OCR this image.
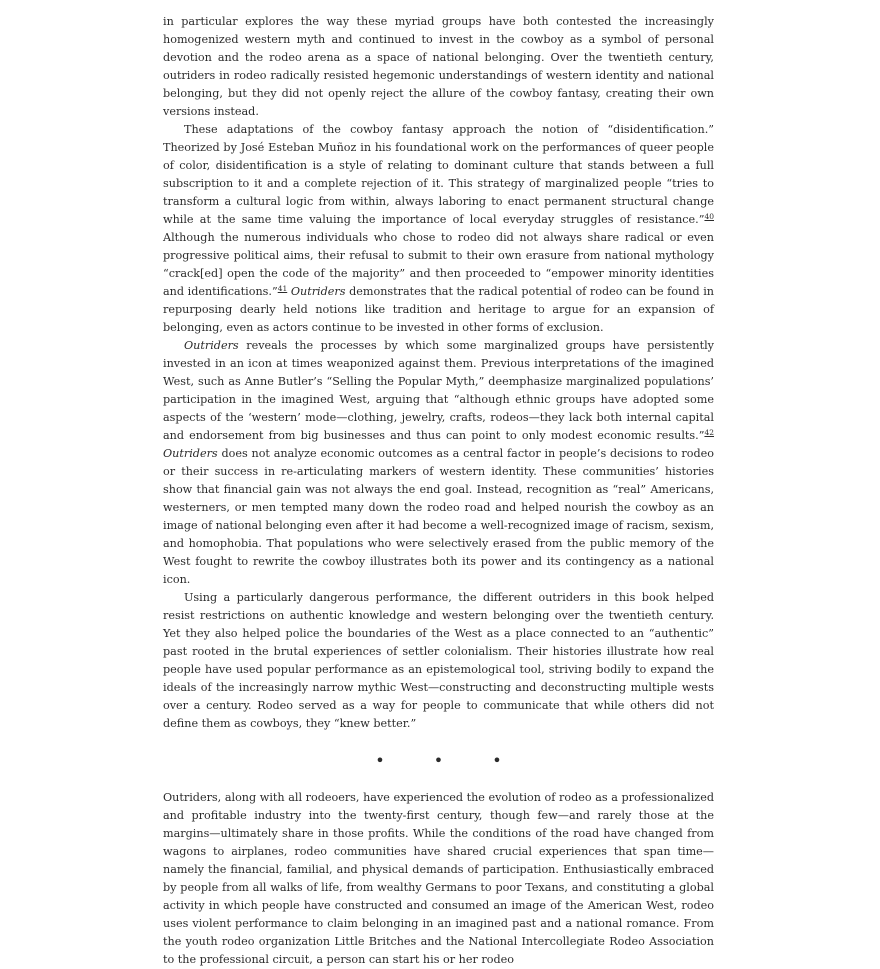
in particular explores the way these myriad groups have both contested the increasingly homogenized western myth and continued to invest in the cowboy as a symbol of personal devotion and the rodeo arena as a space of national belonging. Over the twentieth century, outriders in rodeo radically resisted hegemonic understandings of western identity and national belonging, but they did not openly reject the allure of the cowboy fantasy, creating their own versions instead.

These adaptations of the cowboy fantasy approach the notion of “disidentification.” Theorized by José Esteban Muñoz in his foundational work on the performances of queer people of color, disidentification is a style of relating to dominant culture that stands between a full subscription to it and a complete rejection of it. This strategy of marginalized people “tries to transform a cultural logic from within, always laboring to enact permanent structural change while at the same time valuing the importance of local everyday struggles of resistance.”$^{40}$ Although the numerous individuals who chose to rodeo did not always share radical or even progressive political aims, their refusal to submit to their own erasure from national mythology “crack[ed] open the code of the majority” and then proceeded to “empower minority identities and identifications.”$^{41}$ Outriders demonstrates that the radical potential of rodeo can be found in repurposing dearly held notions like tradition and heritage to argue for an expansion of belonging, even as actors continue to be invested in other forms of exclusion.

Outriders reveals the processes by which some marginalized groups have persistently invested in an icon at times weaponized against them. Previous interpretations of the imagined West, such as Anne Butler’s “Selling the Popular Myth,” deemphasize marginalized populations’ participation in the imagined West, arguing that “although ethnic groups have adopted some aspects of the ‘western’ mode—clothing, jewelry, crafts, rodeos—they lack both internal capital and endorsement from big businesses and thus can point to only modest economic results.”$^{42}$ Outriders does not analyze economic outcomes as a central factor in people’s decisions to rodeo or their success in re-articulating markers of western identity. These communities’ histories show that financial gain was not always the end goal. Instead, recognition as “real” Americans, westerners, or men tempted many down the rodeo road and helped nourish the cowboy as an image of national belonging even after it had become a well-recognized image of racism, sexism, and homophobia. That populations who were selectively erased from the public memory of the West fought to rewrite the cowboy illustrates both its power and its contingency as a national icon.

Using a particularly dangerous performance, the different outriders in this book helped resist restrictions on authentic knowledge and western belonging over the twentieth century. Yet they also helped police the boundaries of the West as a place connected to an “authentic” past rooted in the brutal experiences of settler colonialism. Their histories illustrate how real people have used popular performance as an epistemological tool, striving bodily to expand the ideals of the increasingly narrow mythic West—constructing and deconstructing multiple wests over a century. Rodeo served as a way for people to communicate that while others did not define them as cowboys, they “knew better.”

• • •

Outriders, along with all rodeoers, have experienced the evolution of rodeo as a professionalized and profitable industry into the twenty-first century, though few—and rarely those at the margins—ultimately share in those profits. While the conditions of the road have changed from wagons to airplanes, rodeo communities have shared crucial experiences that span time—namely the financial, familial, and physical demands of participation. Enthusiastically embraced by people from all walks of life, from wealthy Germans to poor Texans, and constituting a global activity in which people have constructed and consumed an image of the American West, rodeo uses violent performance to claim belonging in an imagined past and a national romance. From the youth rodeo organization Little Britches and the National Intercollegiate Rodeo Association to the professional circuit, a person can start his or her rodeo
